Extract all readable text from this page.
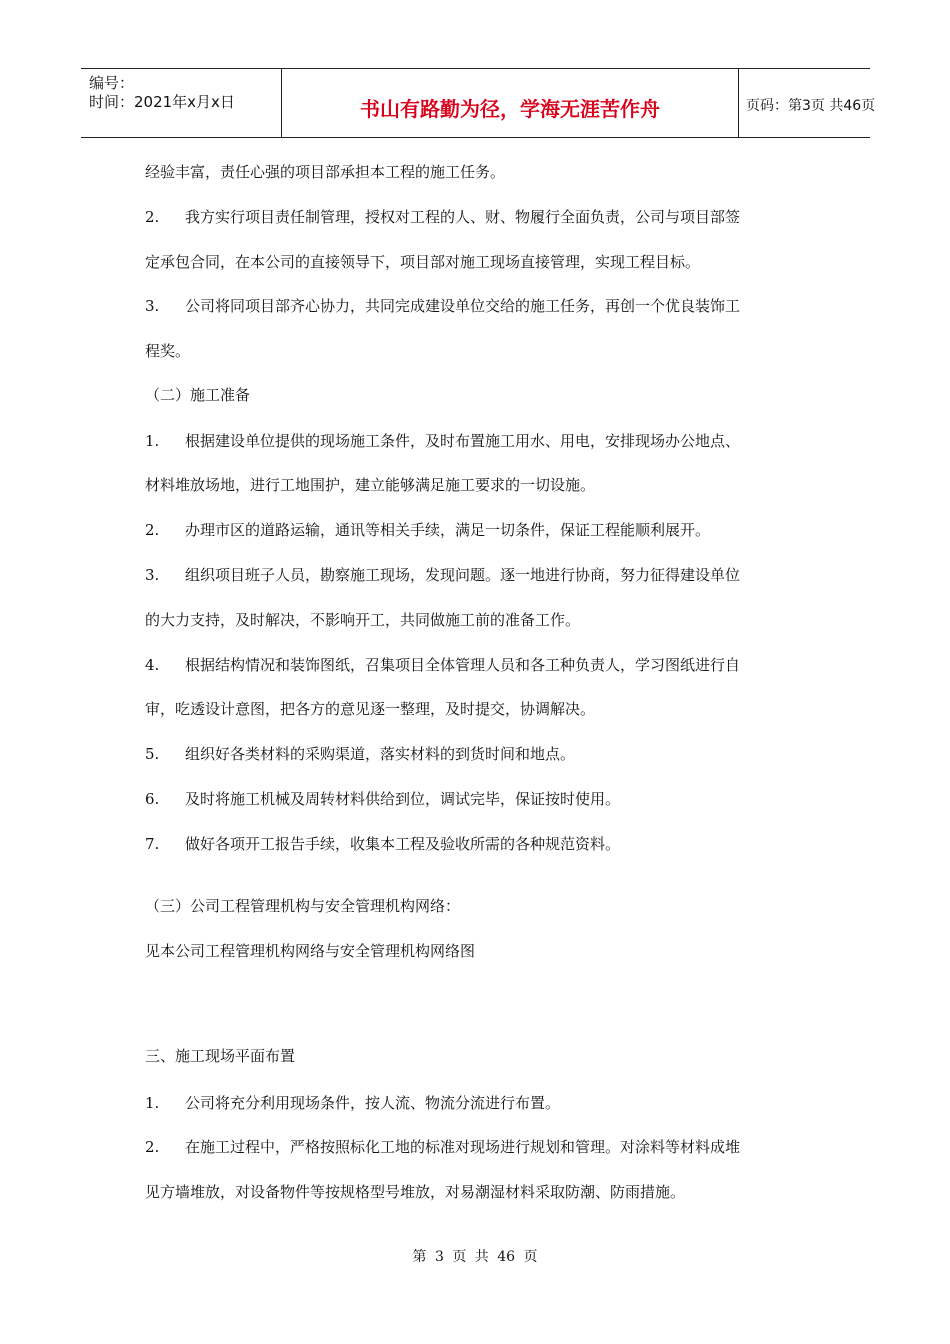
编号：
时间：2021年x月x日	书山有路勤为径，学海无涯苦作舟	页码：第3页 共46页
经验丰富，责任心强的项目部承担本工程的施工任务。
2. 我方实行项目责任制管理，授权对工程的人、财、物履行全面负责，公司与项目部签
定承包合同，在本公司的直接领导下，项目部对施工现场直接管理，实现工程目标。
3. 公司将同项目部齐心协力，共同完成建设单位交给的施工任务，再创一个优良装饰工
程奖。
（二）施工准备
1. 根据建设单位提供的现场施工条件，及时布置施工用水、用电，安排现场办公地点、
材料堆放场地，进行工地围护，建立能够满足施工要求的一切设施。
2. 办理市区的道路运输，通讯等相关手续，满足一切条件，保证工程能顺利展开。
3. 组织项目班子人员，勘察施工现场，发现问题。逐一地进行协商，努力征得建设单位
的大力支持，及时解决，不影响开工，共同做施工前的准备工作。
4. 根据结构情况和装饰图纸，召集项目全体管理人员和各工种负责人，学习图纸进行自
审，吃透设计意图，把各方的意见逐一整理，及时提交，协调解决。
5. 组织好各类材料的采购渠道，落实材料的到货时间和地点。
6. 及时将施工机械及周转材料供给到位，调试完毕，保证按时使用。
7. 做好各项开工报告手续，收集本工程及验收所需的各种规范资料。
（三）公司工程管理机构与安全管理机构网络：
见本公司工程管理机构网络与安全管理机构网络图
三、施工现场平面布置
1. 公司将充分利用现场条件，按人流、物流分流进行布置。
2. 在施工过程中，严格按照标化工地的标准对现场进行规划和管理。对涂料等材料成堆
见方墙堆放，对设备物件等按规格型号堆放，对易潮湿材料采取防潮、防雨措施。
第 3 页 共 46 页
